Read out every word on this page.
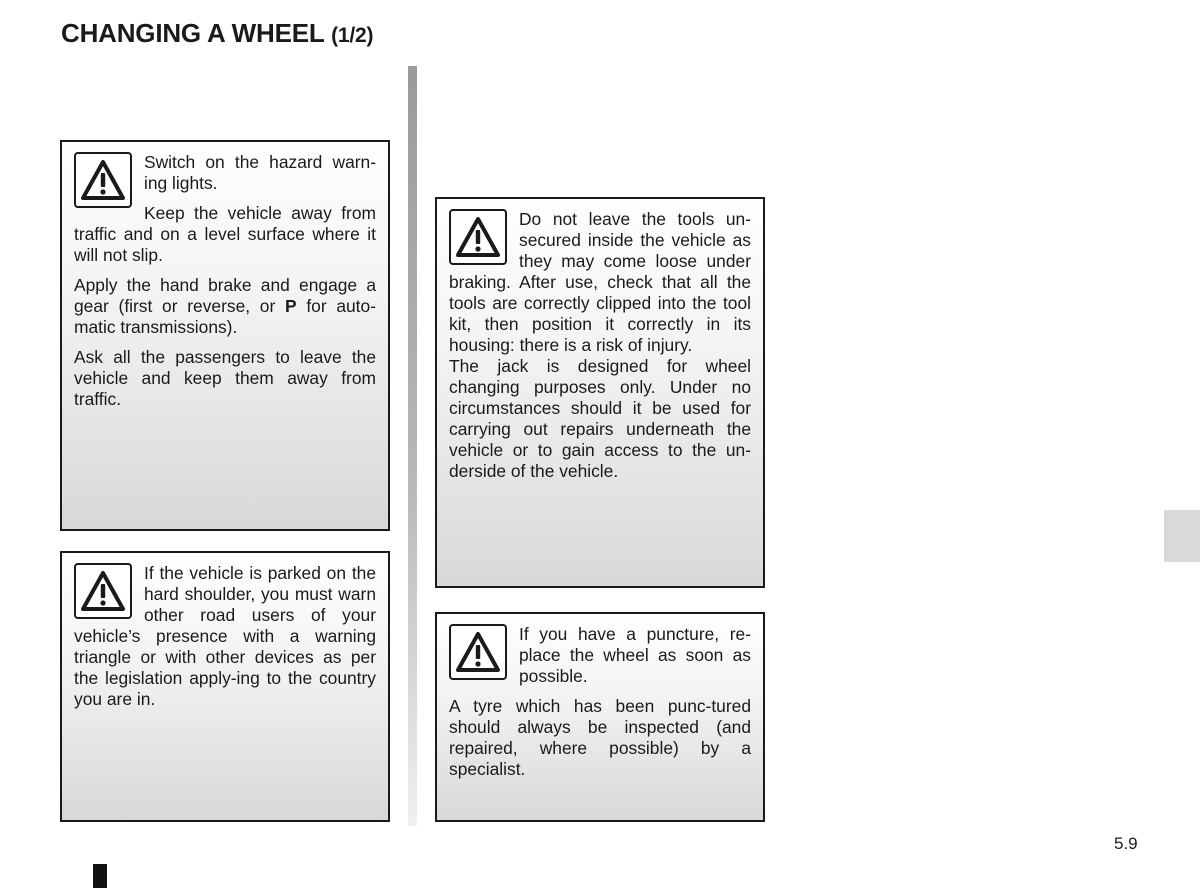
CHANGING A WHEEL (1/2)

Switch on the hazard warn-ing lights.

Keep the vehicle away from traffic and on a level surface where it will not slip.

Apply the hand brake and engage a gear (first or reverse, or P for auto-matic transmissions).

Ask all the passengers to leave the vehicle and keep them away from traffic.

If the vehicle is parked on the hard shoulder, you must warn other road users of your vehicle’s presence with a warning triangle or with other devices as per the legislation apply-ing to the country you are in.

Do not leave the tools un-secured inside the vehicle as they may come loose under braking. After use, check that all the tools are correctly clipped into the tool kit, then position it correctly in its housing: there is a risk of injury.

The jack is designed for wheel changing purposes only. Under no circumstances should it be used for carrying out repairs underneath the vehicle or to gain access to the un-derside of the vehicle.

If you have a puncture, re-place the wheel as soon as possible.

A tyre which has been punc-tured should always be inspected (and repaired, where possible) by a specialist.

5.9
